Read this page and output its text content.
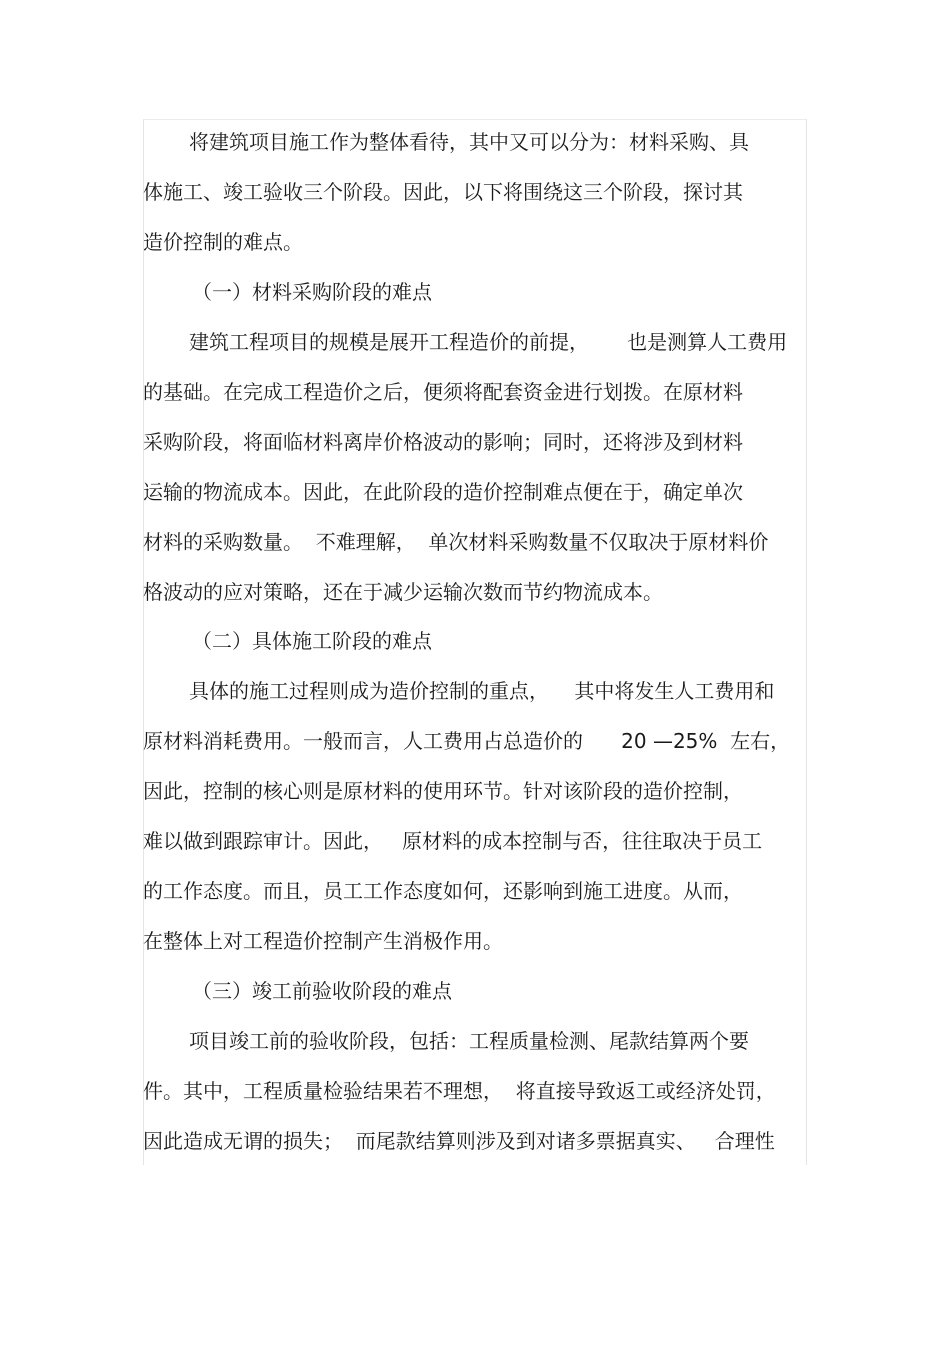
将建筑项目施工作为整体看待，其中又可以分为：材料采购、具
体施工、竣工验收三个阶段。因此，以下将围绕这三个阶段，探讨其
造价控制的难点。
（一）材料采购阶段的难点
建筑工程项目的规模是展开工程造价的前提，      也是测算人工费用
的基础。在完成工程造价之后，便须将配套资金进行划拨。在原材料
采购阶段，将面临材料离岸价格波动的影响；同时，还将涉及到材料
运输的物流成本。因此，在此阶段的造价控制难点便在于，确定单次
材料的采购数量。  不难理解，  单次材料采购数量不仅取决于原材料价
格波动的应对策略，还在于减少运输次数而节约物流成本。
（二）具体施工阶段的难点
具体的施工过程则成为造价控制的重点，    其中将发生人工费用和
原材料消耗费用。一般而言，人工费用占总造价的      20 —25%  左右，
因此，控制的核心则是原材料的使用环节。针对该阶段的造价控制，
难以做到跟踪审计。因此，   原材料的成本控制与否，往往取决于员工
的工作态度。而且，员工工作态度如何，还影响到施工进度。从而，
在整体上对工程造价控制产生消极作用。
（三）竣工前验收阶段的难点
项目竣工前的验收阶段，包括：工程质量检测、尾款结算两个要
件。其中，工程质量检验结果若不理想，  将直接导致返工或经济处罚，
因此造成无谓的损失；  而尾款结算则涉及到对诸多票据真实、   合理性
